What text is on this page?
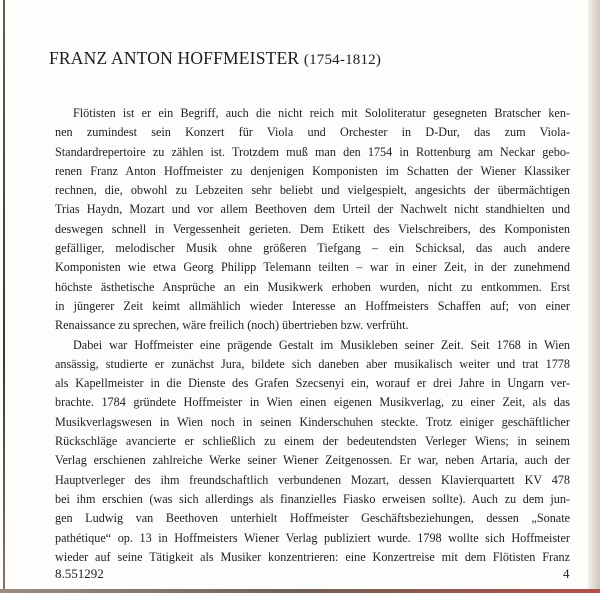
FRANZ ANTON HOFFMEISTER (1754-1812)
Flötisten ist er ein Begriff, auch die nicht reich mit Sololiteratur gesegneten Bratscher ken-
nen zumindest sein Konzert für Viola und Orchester in D-Dur, das zum Viola-
Standardrepertoire zu zählen ist. Trotzdem muß man den 1754 in Rottenburg am Neckar gebo-
renen Franz Anton Hoffmeister zu denjenigen Komponisten im Schatten der Wiener Klassiker
rechnen, die, obwohl zu Lebzeiten sehr beliebt und vielgespielt, angesichts der übermächtigen
Trias Haydn, Mozart und vor allem Beethoven dem Urteil der Nachwelt nicht standhielten und
deswegen schnell in Vergessenheit gerieten. Dem Etikett des Vielschreibers, des Komponisten
gefälliger, melodischer Musik ohne größeren Tiefgang – ein Schicksal, das auch andere
Komponisten wie etwa Georg Philipp Telemann teilten – war in einer Zeit, in der zunehmend
höchste ästhetische Ansprüche an ein Musikwerk erhoben wurden, nicht zu entkommen. Erst
in jüngerer Zeit keimt allmählich wieder Interesse an Hoffmeisters Schaffen auf; von einer
Renaissance zu sprechen, wäre freilich (noch) übertrieben bzw. verfrüht.
Dabei war Hoffmeister eine prägende Gestalt im Musikleben seiner Zeit. Seit 1768 in Wien
ansässig, studierte er zunächst Jura, bildete sich daneben aber musikalisch weiter und trat 1778
als Kapellmeister in die Dienste des Grafen Szecsenyi ein, worauf er drei Jahre in Ungarn ver-
brachte. 1784 gründete Hoffmeister in Wien einen eigenen Musikverlag, zu einer Zeit, als das
Musikverlagswesen in Wien noch in seinen Kinderschuhen steckte. Trotz einiger geschäftlicher
Rückschläge avancierte er schließlich zu einem der bedeutendsten Verleger Wiens; in seinem
Verlag erschienen zahlreiche Werke seiner Wiener Zeitgenossen. Er war, neben Artaria, auch der
Hauptverleger des ihm freundschaftlich verbundenen Mozart, dessen Klavierquartett KV 478
bei ihm erschien (was sich allerdings als finanzielles Fiasko erweisen sollte). Auch zu dem jun-
gen Ludwig van Beethoven unterhielt Hoffmeister Geschäftsbeziehungen, dessen „Sonate
pathétique“ op. 13 in Hoffmeisters Wiener Verlag publiziert wurde. 1798 wollte sich Hoffmeister
wieder auf seine Tätigkeit als Musiker konzentrieren: eine Konzertreise mit dem Flötisten Franz
8.551292	4
